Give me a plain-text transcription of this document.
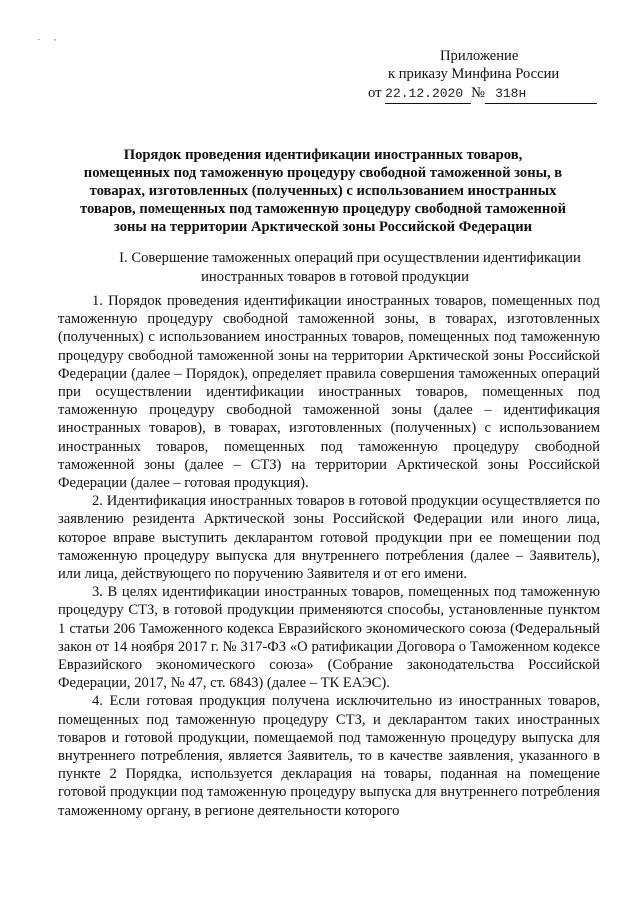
. ,
Приложение
к приказу Минфина России
от 22.12.2020 № 318н
Порядок проведения идентификации иностранных товаров,
помещенных под таможенную процедуру свободной таможенной зоны, в
товарах, изготовленных (полученных) с использованием иностранных
товаров, помещенных под таможенную процедуру свободной таможенной
зоны на территории Арктической зоны Российской Федерации
I. Совершение таможенных операций при осуществлении идентификации
иностранных товаров в готовой продукции

1. Порядок проведения идентификации иностранных товаров, помещенных под таможенную процедуру свободной таможенной зоны, в товарах, изготовленных (полученных) с использованием иностранных товаров, помещенных под таможенную процедуру свободной таможенной зоны на территории Арктической зоны Российской Федерации (далее – Порядок), определяет правила совершения таможенных операций при осуществлении идентификации иностранных товаров, помещенных под таможенную процедуру свободной таможенной зоны (далее – идентификация иностранных товаров), в товарах, изготовленных (полученных) с использованием иностранных товаров, помещенных под таможенную процедуру свободной таможенной зоны (далее – СТЗ) на территории Арктической зоны Российской Федерации (далее – готовая продукция).

2. Идентификация иностранных товаров в готовой продукции осуществляется по заявлению резидента Арктической зоны Российской Федерации или иного лица, которое вправе выступить декларантом готовой продукции при ее помещении под таможенную процедуру выпуска для внутреннего потребления (далее – Заявитель), или лица, действующего по поручению Заявителя и от его имени.

3. В целях идентификации иностранных товаров, помещенных под таможенную процедуру СТЗ, в готовой продукции применяются способы, установленные пунктом 1 статьи 206 Таможенного кодекса Евразийского экономического союза (Федеральный закон от 14 ноября 2017 г. № 317-ФЗ «О ратификации Договора о Таможенном кодексе Евразийского экономического союза» (Собрание законодательства Российской Федерации, 2017, № 47, ст. 6843) (далее – ТК ЕАЭС).

4. Если готовая продукция получена исключительно из иностранных товаров, помещенных под таможенную процедуру СТЗ, и декларантом таких иностранных товаров и готовой продукции, помещаемой под таможенную процедуру выпуска для внутреннего потребления, является Заявитель, то в качестве заявления, указанного в пункте 2 Порядка, используется декларация на товары, поданная на помещение готовой продукции под таможенную процедуру выпуска для внутреннего потребления таможенному органу, в регионе деятельности которого
